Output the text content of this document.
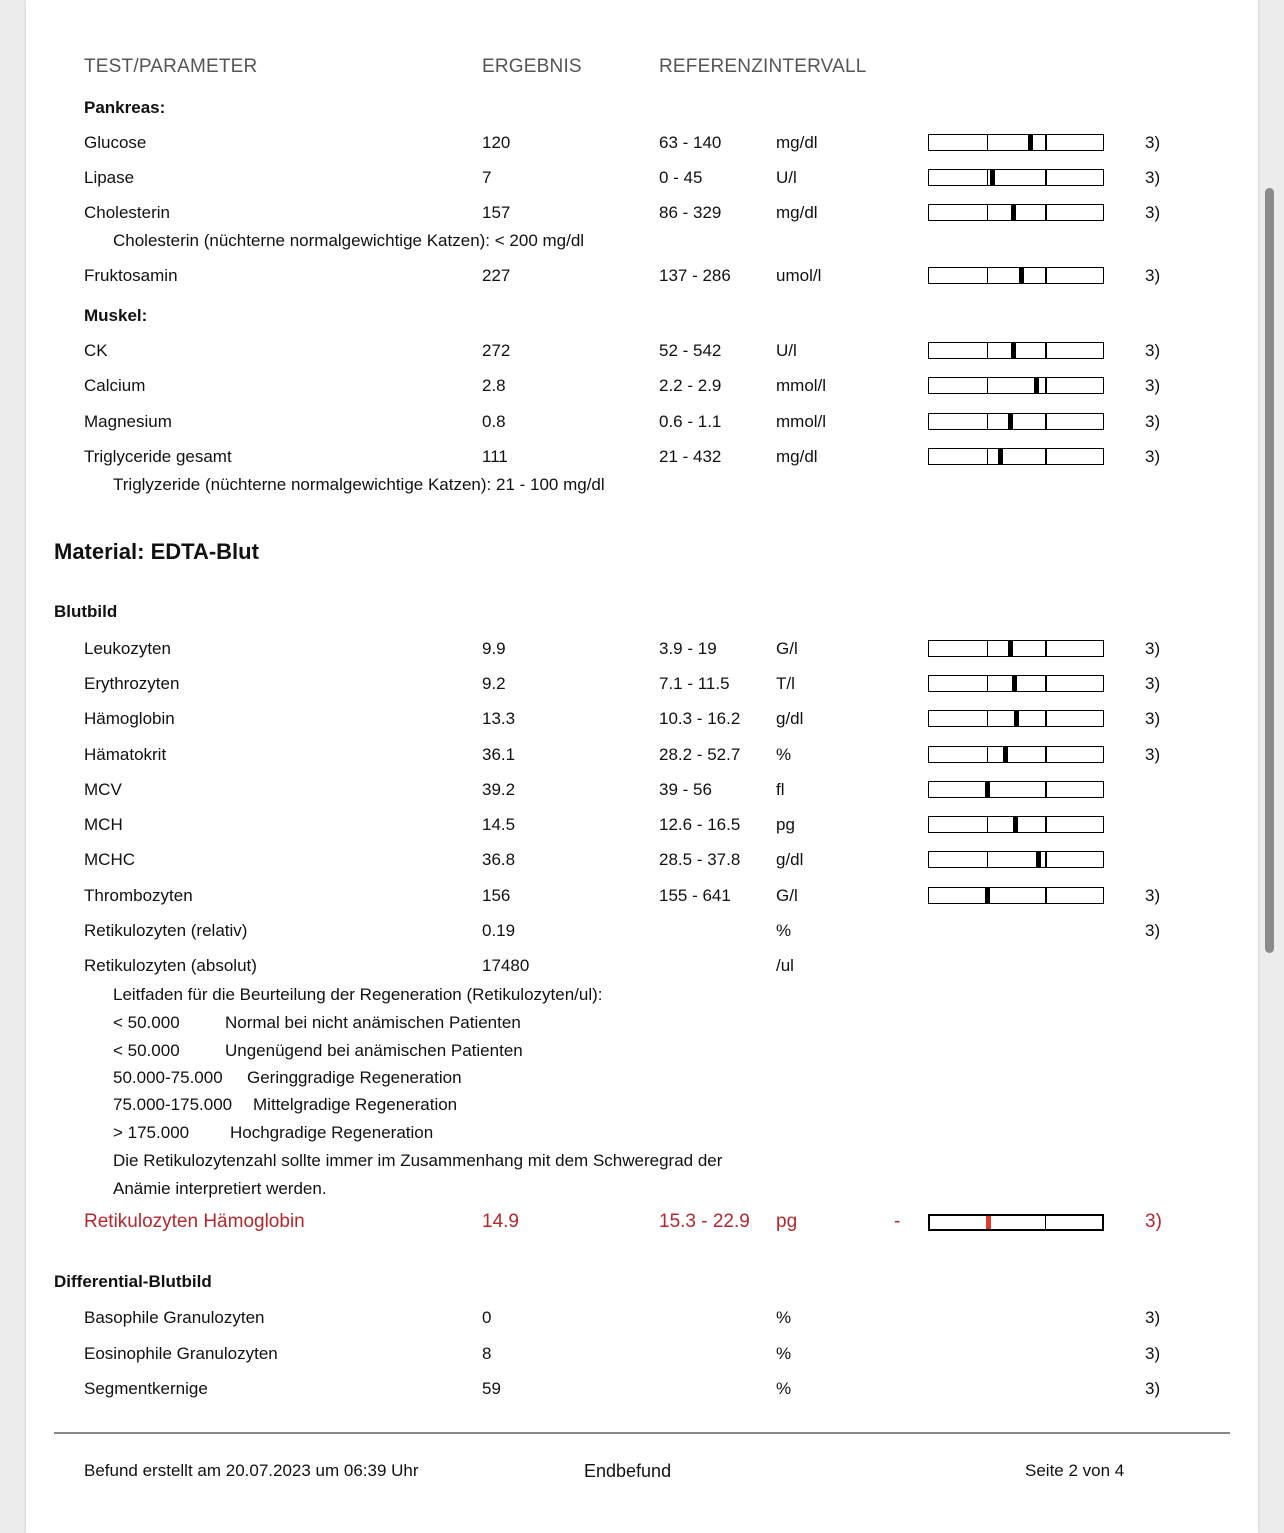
TEST/PARAMETER	ERGEBNIS	REFERENZINTERVALL
Pankreas:
Glucose	120	63 - 140	mg/dl	3)
Lipase	7	0 - 45	U/l	3)
Cholesterin	157	86 - 329	mg/dl	3)
Cholesterin (nüchterne normalgewichtige Katzen): < 200 mg/dl
Fruktosamin	227	137 - 286	umol/l	3)
Muskel:
CK	272	52 - 542	U/l	3)
Calcium	2.8	2.2 - 2.9	mmol/l	3)
Magnesium	0.8	0.6 - 1.1	mmol/l	3)
Triglyceride gesamt	111	21 - 432	mg/dl	3)
Triglyzeride (nüchterne normalgewichtige Katzen): 21 - 100 mg/dl
Material: EDTA-Blut
Blutbild
Leukozyten	9.9	3.9 - 19	G/l	3)
Erythrozyten	9.2	7.1 - 11.5	T/l	3)
Hämoglobin	13.3	10.3 - 16.2 g/dl	3)
Hämatokrit	36.1	28.2 - 52.7 %	3)
MCV	39.2	39 - 56	fl
MCH	14.5	12.6 - 16.5 pg
MCHC	36.8	28.5 - 37.8 g/dl
Thrombozyten	156	155 - 641	G/l	3)
Retikulozyten (relativ)	0.19	%	3)
Retikulozyten (absolut)	17480	/ul
Leitfaden für die Beurteilung der Regeneration (Retikulozyten/ul):
< 50.000	Normal bei nicht anämischen Patienten
< 50.000	Ungenügend bei anämischen Patienten
50.000-75.000 Geringgradige Regeneration
75.000-175.000 Mittelgradige Regeneration
> 175.000 Hochgradige Regeneration
Die Retikulozytenzahl sollte immer im Zusammenhang mit dem Schweregrad der
Anämie interpretiert werden.
Retikulozyten Hämoglobin	14.9	15.3 - 22.9 pg	-	3)
Differential-Blutbild
Basophile Granulozyten	0	%	3)
Eosinophile Granulozyten	8	%	3)
Segmentkernige	59	%	3)
Befund erstellt am 20.07.2023 um 06:39 Uhr	Endbefund	Seite 2 von 4
